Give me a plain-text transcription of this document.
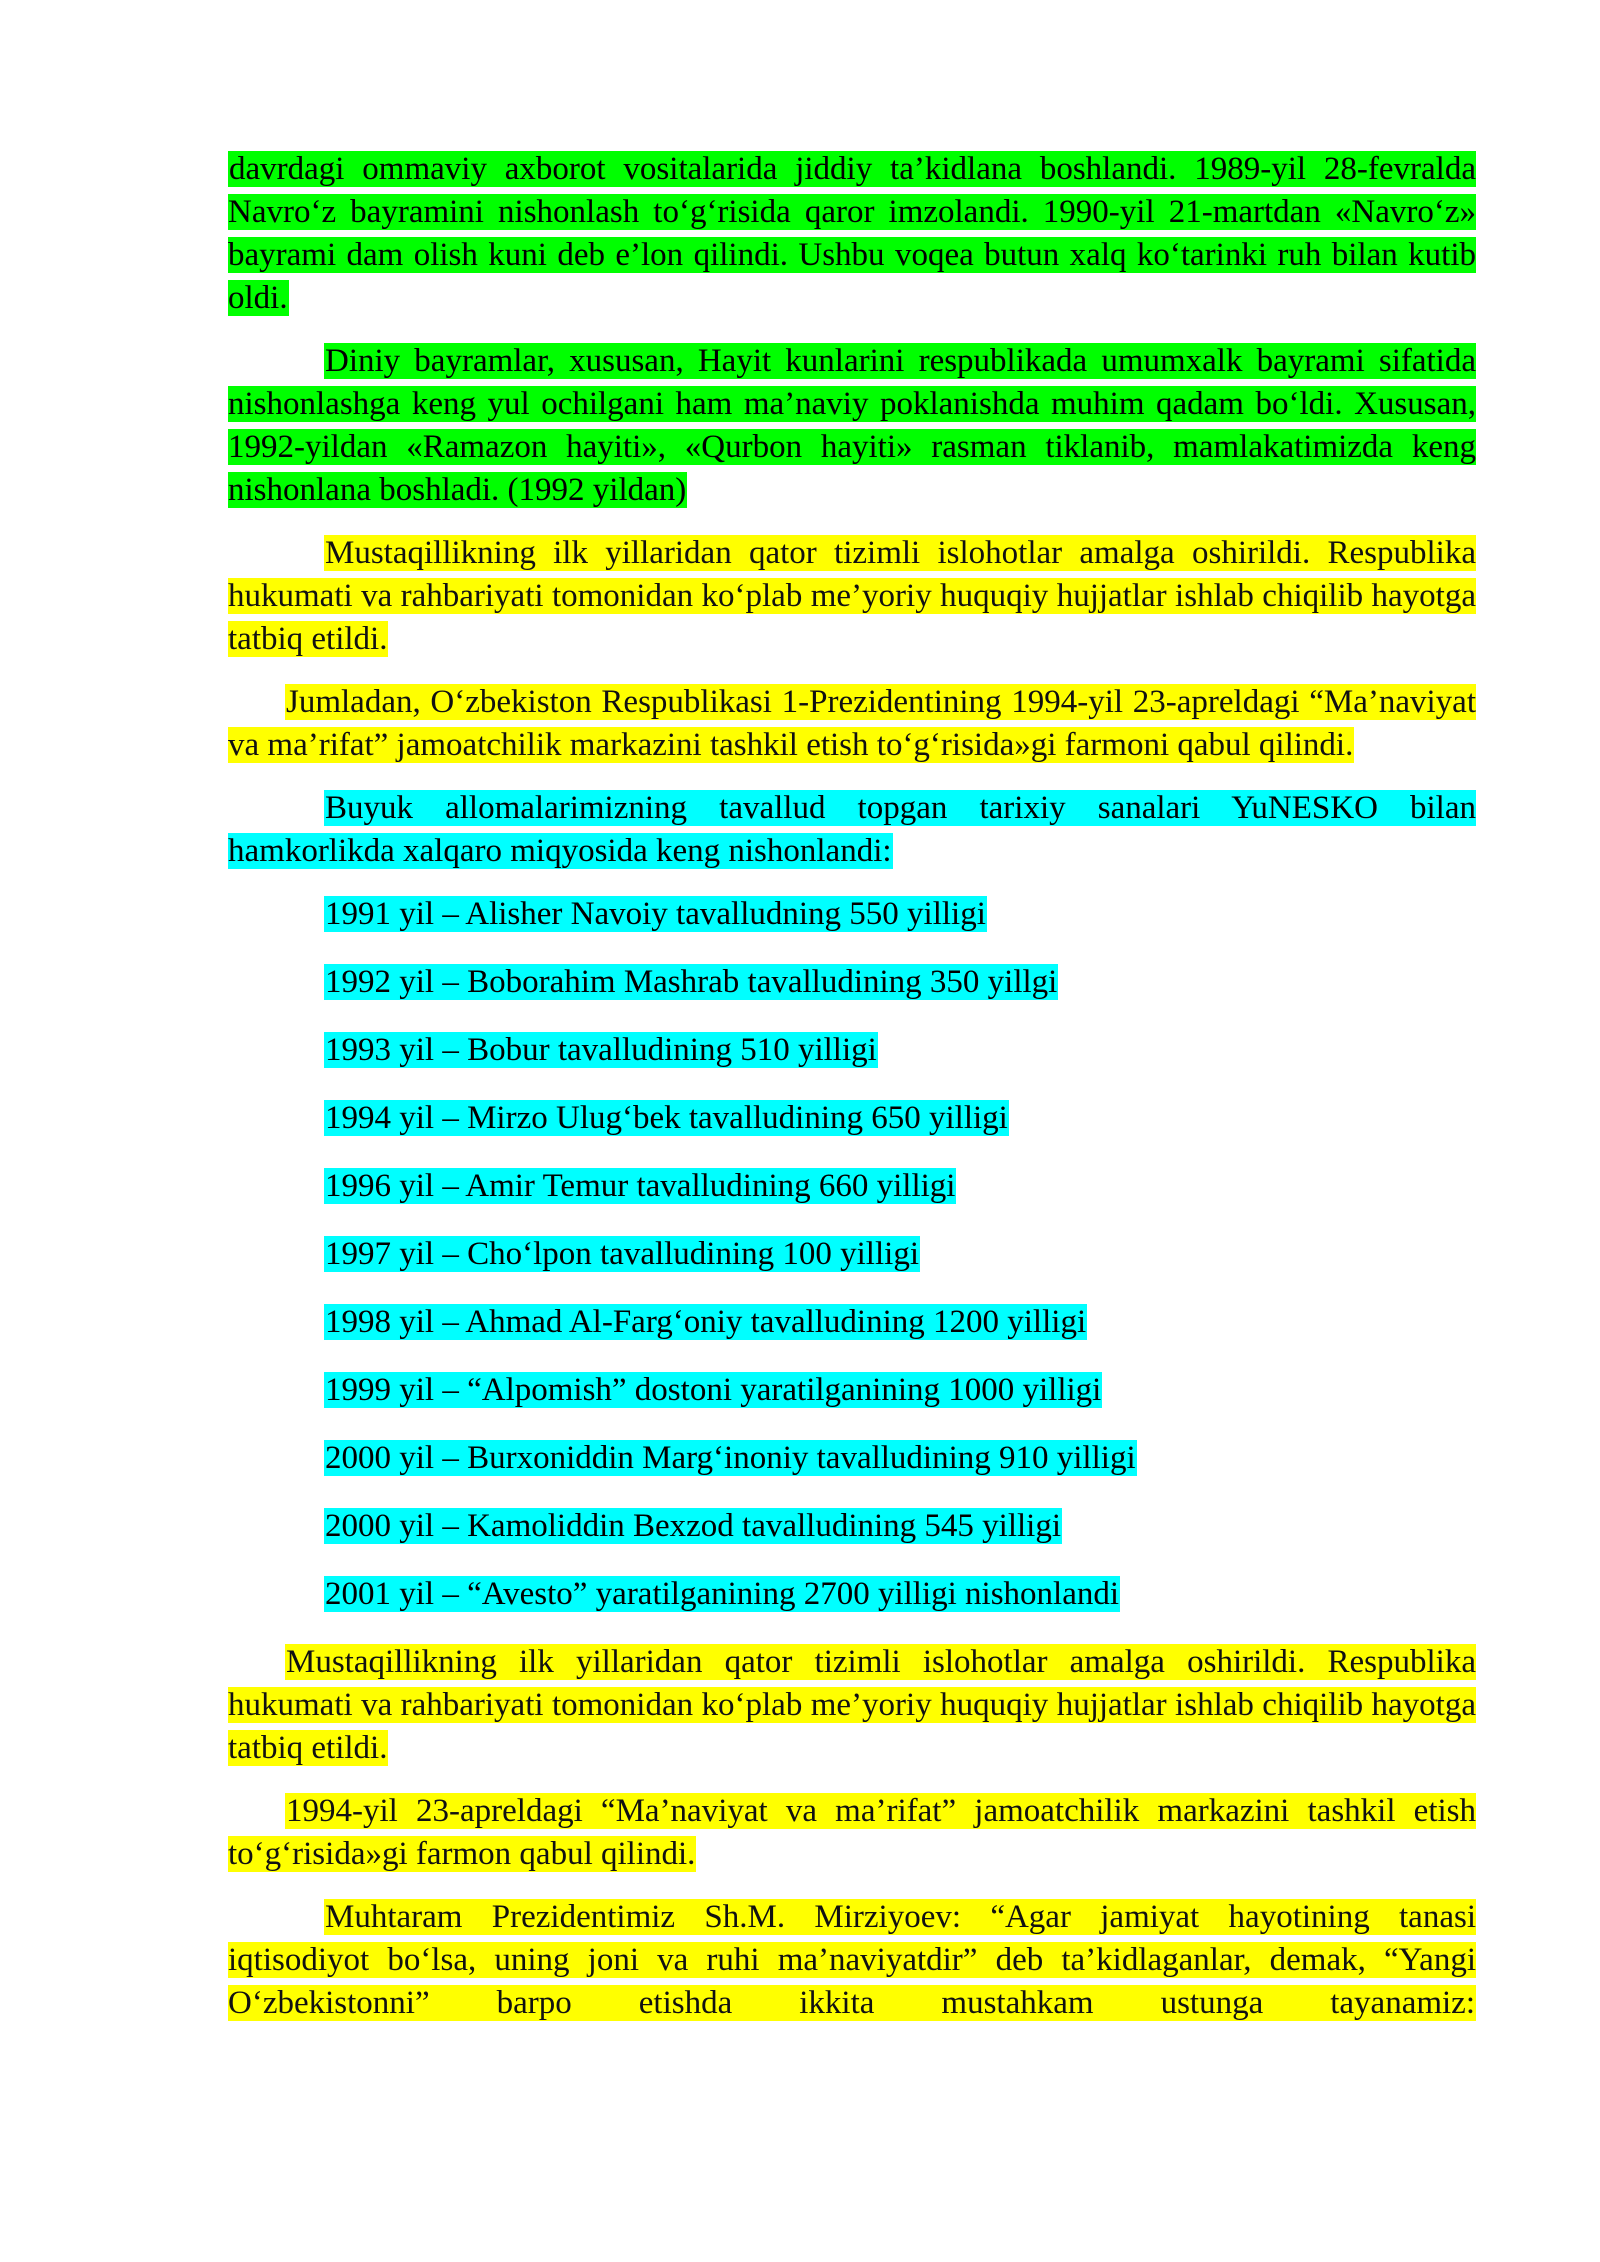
davrdagi ommaviy axborot vositalarida jiddiy ta’kidlana boshlandi. 1989-yil 28-fevralda Navro‘z bayramini nishonlash to‘g‘risida qaror imzolandi. 1990-yil 21-martdan «Navro‘z» bayrami dam olish kuni deb e’lon qilindi. Ushbu voqea butun xalq ko‘tarinki ruh bilan kutib oldi.

Diniy bayramlar, xususan, Hayit kunlarini respublikada umumxalk bayrami sifatida nishonlashga keng yul ochilgani ham ma’naviy poklanishda muhim qadam bo‘ldi. Xususan, 1992-yildan «Ramazon hayiti», «Qurbon hayiti» rasman tiklanib, mamlakatimizda keng nishonlana boshladi. (1992 yildan)

Mustaqillikning ilk yillaridan qator tizimli islohotlar amalga oshirildi. Respublika hukumati va rahbariyati tomonidan ko‘plab me’yoriy huquqiy hujjatlar ishlab chiqilib hayotga tatbiq etildi.

Jumladan, O‘zbekiston Respublikasi 1-Prezidentining 1994-yil 23-apreldagi “Ma’naviyat va ma’rifat” jamoatchilik markazini tashkil etish to‘g‘risida»gi farmoni qabul qilindi.

Buyuk allomalarimizning tavallud topgan tarixiy sanalari YuNESKO bilan hamkorlikda xalqaro miqyosida keng nishonlandi:

1991 yil – Alisher Navoiy tavalludning 550 yilligi
1992 yil – Boborahim Mashrab tavalludining 350 yillgi
1993 yil – Bobur tavalludining 510 yilligi
1994 yil – Mirzo Ulug‘bek tavalludining 650 yilligi
1996 yil – Amir Temur tavalludining 660 yilligi
1997 yil – Cho‘lpon tavalludining 100 yilligi
1998 yil – Ahmad Al-Farg‘oniy tavalludining 1200 yilligi
1999 yil – “Alpomish” dostoni yaratilganining 1000 yilligi
2000 yil – Burxoniddin Marg‘inoniy tavalludining 910 yilligi
2000 yil – Kamoliddin Bexzod tavalludining 545 yilligi
2001 yil – “Avesto” yaratilganining 2700 yilligi nishonlandi

Mustaqillikning ilk yillaridan qator tizimli islohotlar amalga oshirildi. Respublika hukumati va rahbariyati tomonidan ko‘plab me’yoriy huquqiy hujjatlar ishlab chiqilib hayotga tatbiq etildi.

1994-yil 23-apreldagi “Ma’naviyat va ma’rifat” jamoatchilik markazini tashkil etish to‘g‘risida»gi farmon qabul qilindi.

Muhtaram Prezidentimiz Sh.M. Mirziyoev: “Agar jamiyat hayotining tanasi iqtisodiyot bo‘lsa, uning joni va ruhi ma’naviyatdir” deb ta’kidlaganlar, demak, “Yangi O‘zbekistonni” barpo etishda ikkita mustahkam ustunga tayanamiz:
